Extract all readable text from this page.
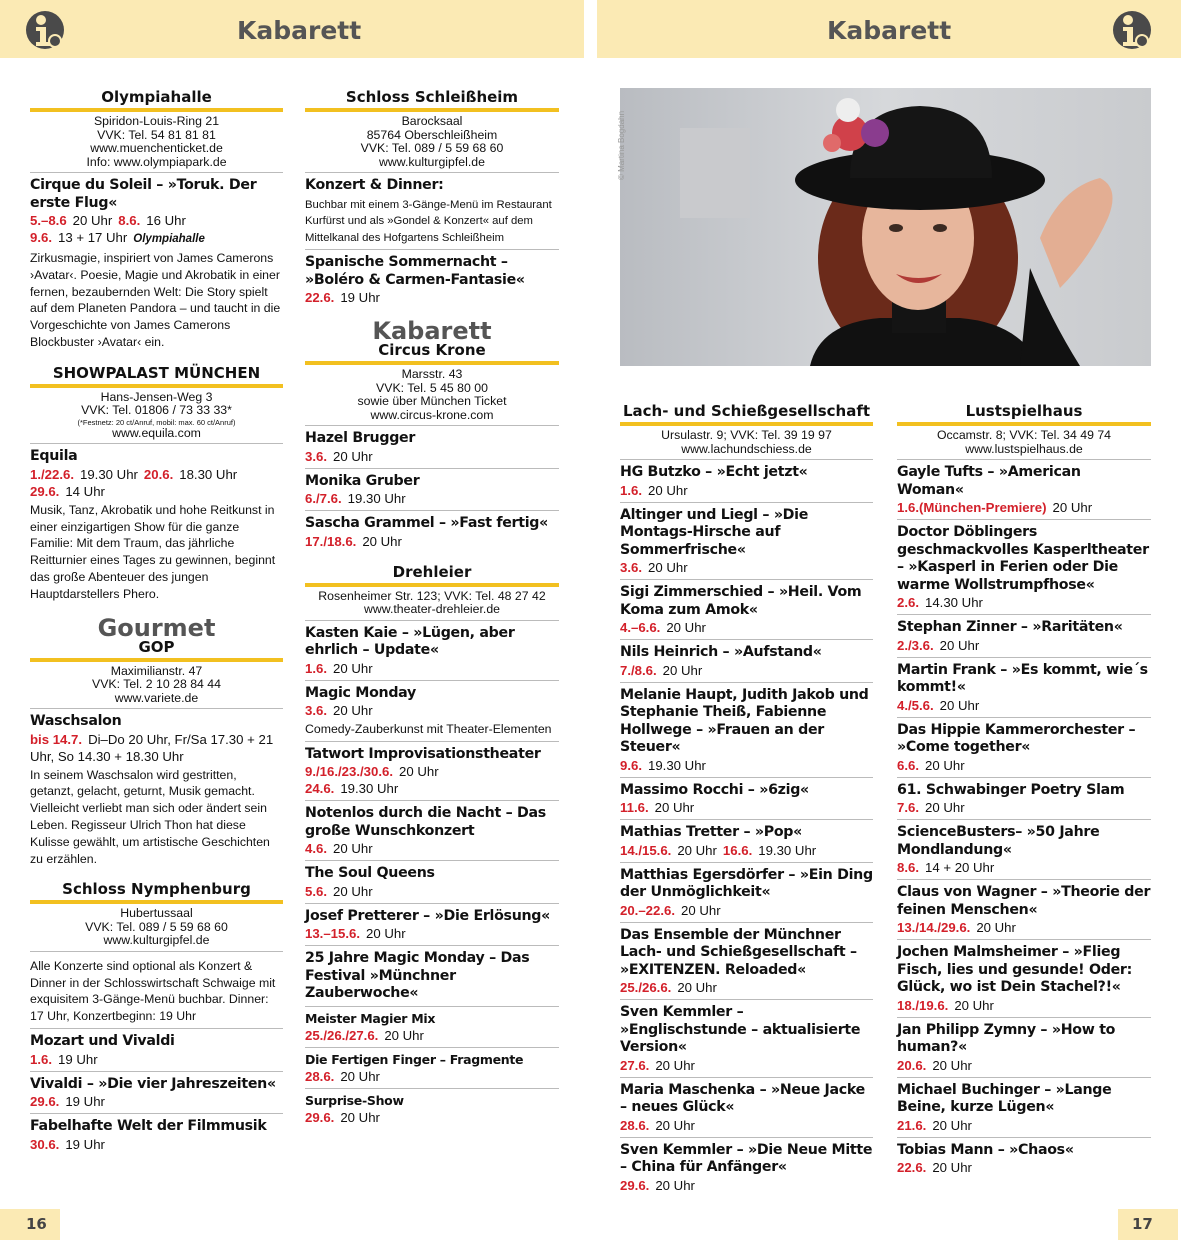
Kabarett	Kabarett
© Martina Bogdahn
Olympiahalle
Spiridon-Louis-Ring 21
VVK: Tel. 54 81 81 81
www.muenchenticket.de
Info: www.olympiapark.de
Cirque du Soleil – »Toruk. Der erste Flug«
5.–8.6 20 Uhr 8.6. 16 Uhr
9.6. 13 + 17 Uhr Olympiahalle
Zirkusmagie, inspiriert von James Camerons ›Avatar‹. Poesie, Magie und Akrobatik in einer fernen, bezaubernden Welt: Die Story spielt auf dem Planeten Pandora – und taucht in die Vorgeschichte von James Camerons Blockbuster ›Avatar‹ ein.
SHOWPALAST MÜNCHEN
Hans-Jensen-Weg 3
VVK: Tel. 01806 / 73 33 33*
(*Festnetz: 20 ct/Anruf, mobil: max. 60 ct/Anruf)
www.equila.com
Equila
1./22.6. 19.30 Uhr 20.6. 18.30 Uhr
29.6. 14 Uhr
Musik, Tanz, Akrobatik und hohe Reitkunst in einer einzigartigen Show für die ganze Familie: Mit dem Traum, das jährliche Reitturnier eines Tages zu gewinnen, beginnt das große Abenteuer des jungen Hauptdarstellers Phero.
Gourmet
GOP
Maximilianstr. 47
VVK: Tel. 2 10 28 84 44
www.variete.de
Waschsalon
bis 14.7. Di–Do 20 Uhr, Fr/Sa 17.30 + 21 Uhr, So 14.30 + 18.30 Uhr
In seinem Waschsalon wird gestritten, getanzt, gelacht, geturnt, Musik gemacht. Vielleicht verliebt man sich oder ändert sein Leben. Regisseur Ulrich Thon hat diese Kulisse gewählt, um artistische Geschichten zu erzählen.
Schloss Nymphenburg
Hubertussaal
VVK: Tel. 089 / 5 59 68 60
www.kulturgipfel.de
Alle Konzerte sind optional als Konzert & Dinner in der Schlosswirtschaft Schwaige mit exquisitem 3-Gänge-Menü buchbar. Dinner: 17 Uhr, Konzertbeginn: 19 Uhr
Mozart und Vivaldi
1.6. 19 Uhr
Vivaldi – »Die vier Jahreszeiten«
29.6. 19 Uhr
Fabelhafte Welt der Filmmusik
30.6. 19 Uhr
Schloss Schleißheim
Barocksaal
85764 Oberschleißheim
VVK: Tel. 089 / 5 59 68 60
www.kulturgipfel.de
Konzert & Dinner:
Buchbar mit einem 3-Gänge-Menü im Restaurant Kurfürst und als »Gondel & Konzert« auf dem Mittelkanal des Hofgartens Schleißheim
Spanische Sommernacht – »Boléro & Carmen-Fantasie«
22.6. 19 Uhr
Kabarett
Circus Krone
Marsstr. 43
VVK: Tel. 5 45 80 00
sowie über München Ticket
www.circus-krone.com
Hazel Brugger
3.6. 20 Uhr
Monika Gruber
6./7.6. 19.30 Uhr
Sascha Grammel – »Fast fertig«
17./18.6. 20 Uhr
Drehleier
Rosenheimer Str. 123; VVK: Tel. 48 27 42
www.theater-drehleier.de
Kasten Kaie – »Lügen, aber ehrlich – Update«
1.6. 20 Uhr
Magic Monday
3.6. 20 Uhr
Comedy-Zauberkunst mit Theater-Elementen
Tatwort Improvisationstheater
9./16./23./30.6. 20 Uhr
24.6. 19.30 Uhr
Notenlos durch die Nacht – Das große Wunschkonzert
4.6. 20 Uhr
The Soul Queens
5.6. 20 Uhr
Josef Pretterer – »Die Erlösung«
13.–15.6. 20 Uhr
25 Jahre Magic Monday – Das Festival »Münchner Zauberwoche«
Meister Magier Mix
25./26./27.6. 20 Uhr
Die Fertigen Finger – Fragmente
28.6. 20 Uhr
Surprise-Show
29.6. 20 Uhr
Lach- und Schießgesellschaft
Ursulastr. 9; VVK: Tel. 39 19 97
www.lachundschiess.de
HG Butzko – »Echt jetzt«
1.6. 20 Uhr
Altinger und Liegl – »Die Montags-Hirsche auf Sommerfrische«
3.6. 20 Uhr
Sigi Zimmerschied – »Heil. Vom Koma zum Amok«
4.–6.6. 20 Uhr
Nils Heinrich – »Aufstand«
7./8.6. 20 Uhr
Melanie Haupt, Judith Jakob und Stephanie Theiß, Fabienne Hollwege – »Frauen an der Steuer«
9.6. 19.30 Uhr
Massimo Rocchi – »6zig«
11.6. 20 Uhr
Mathias Tretter – »Pop«
14./15.6. 20 Uhr 16.6. 19.30 Uhr
Matthias Egersdörfer – »Ein Ding der Unmöglichkeit«
20.–22.6. 20 Uhr
Das Ensemble der Münchner Lach- und Schießgesellschaft – »EXITENZEN. Reloaded«
25./26.6. 20 Uhr
Sven Kemmler – »Englischstunde – aktualisierte Version«
27.6. 20 Uhr
Maria Maschenka – »Neue Jacke – neues Glück«
28.6. 20 Uhr
Sven Kemmler – »Die Neue Mitte – China für Anfänger«
29.6. 20 Uhr
Lustspielhaus
Occamstr. 8; VVK: Tel. 34 49 74
www.lustspielhaus.de
Gayle Tufts – »American Woman«
1.6.(München-Premiere) 20 Uhr
Doctor Döblingers geschmackvolles Kasperltheater – »Kasperl in Ferien oder Die warme Wollstrumpfhose«
2.6. 14.30 Uhr
Stephan Zinner – »Raritäten«
2./3.6. 20 Uhr
Martin Frank – »Es kommt, wie´s kommt!«
4./5.6. 20 Uhr
Das Hippie Kammerorchester – »Come together«
6.6. 20 Uhr
61. Schwabinger Poetry Slam
7.6. 20 Uhr
ScienceBusters– »50 Jahre Mondlandung«
8.6. 14 + 20 Uhr
Claus von Wagner – »Theorie der feinen Menschen«
13./14./29.6. 20 Uhr
Jochen Malmsheimer – »Flieg Fisch, lies und gesunde! Oder: Glück, wo ist Dein Stachel?!«
18./19.6. 20 Uhr
Jan Philipp Zymny – »How to human?«
20.6. 20 Uhr
Michael Buchinger – »Lange Beine, kurze Lügen«
21.6. 20 Uhr
Tobias Mann – »Chaos«
22.6. 20 Uhr
16	17
